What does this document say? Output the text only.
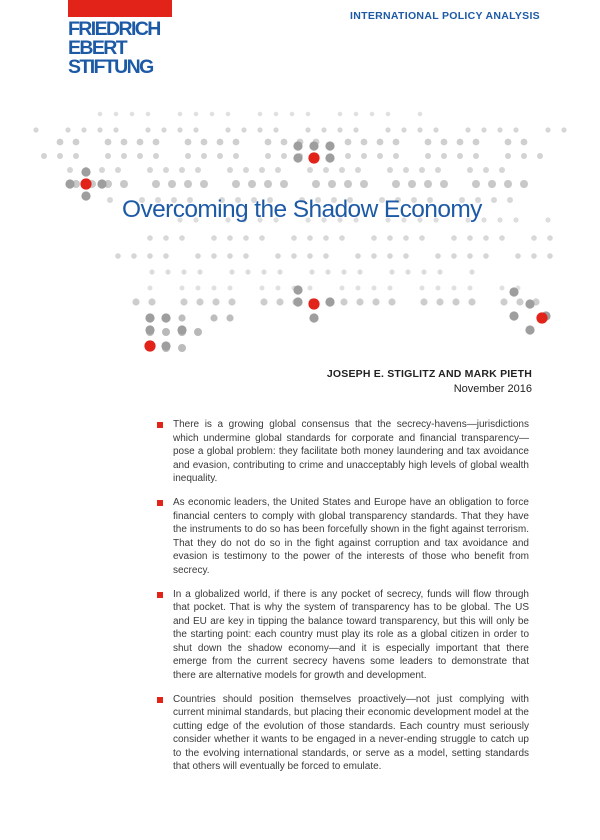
FRIEDRICH
EBERT
STIFTUNG
INTERNATIONAL POLICY ANALYSIS
Overcoming the Shadow Economy
JOSEPH E. STIGLITZ AND MARK PIETH
November 2016
There is a growing global consensus that the secrecy-havens—jurisdictions which undermine global standards for corporate and financial transparency—pose a global problem: they facilitate both money laundering and tax avoidance and evasion, contributing to crime and unacceptably high levels of global wealth inequality.
As economic leaders, the United States and Europe have an obligation to force financial centers to comply with global transparency standards. That they have the instruments to do so has been forcefully shown in the fight against terrorism. That they do not do so in the fight against corruption and tax avoidance and evasion is testimony to the power of the interests of those who benefit from secrecy.
In a globalized world, if there is any pocket of secrecy, funds will flow through that pocket. That is why the system of transparency has to be global. The US and EU are key in tipping the balance toward transparency, but this will only be the starting point: each country must play its role as a global citizen in order to shut down the shadow economy—and it is especially important that there emerge from the current secrecy havens some leaders to demonstrate that there are alternative models for growth and development.
Countries should position themselves proactively—not just complying with current minimal standards, but placing their economic development model at the cutting edge of the evolution of those standards. Each country must seriously consider whether it wants to be engaged in a never-ending struggle to catch up to the evolving international standards, or serve as a model, setting standards that others will eventually be forced to emulate.
